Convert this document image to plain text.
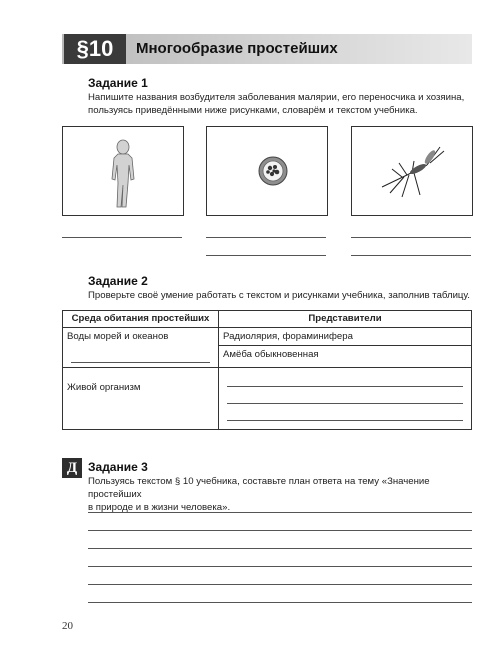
§10	Многообразие простейших
Задание 1
Напишите названия возбудителя заболевания малярии, его переносчика и хозяина,
пользуясь приведёнными ниже рисунками, словарём и текстом учебника.
Задание 2
Проверьте своё умение работать с текстом и рисунками учебника, заполнив таблицу.
Среда обитания простейших	Представители
Воды морей и океанов	Радиолярия, фораминифера

	Амёба обыкновенная
Живой организм	
Д Задание 3
Пользуясь текстом § 10 учебника, составьте план ответа на тему «Значение простейших
в природе и в жизни человека».
20
